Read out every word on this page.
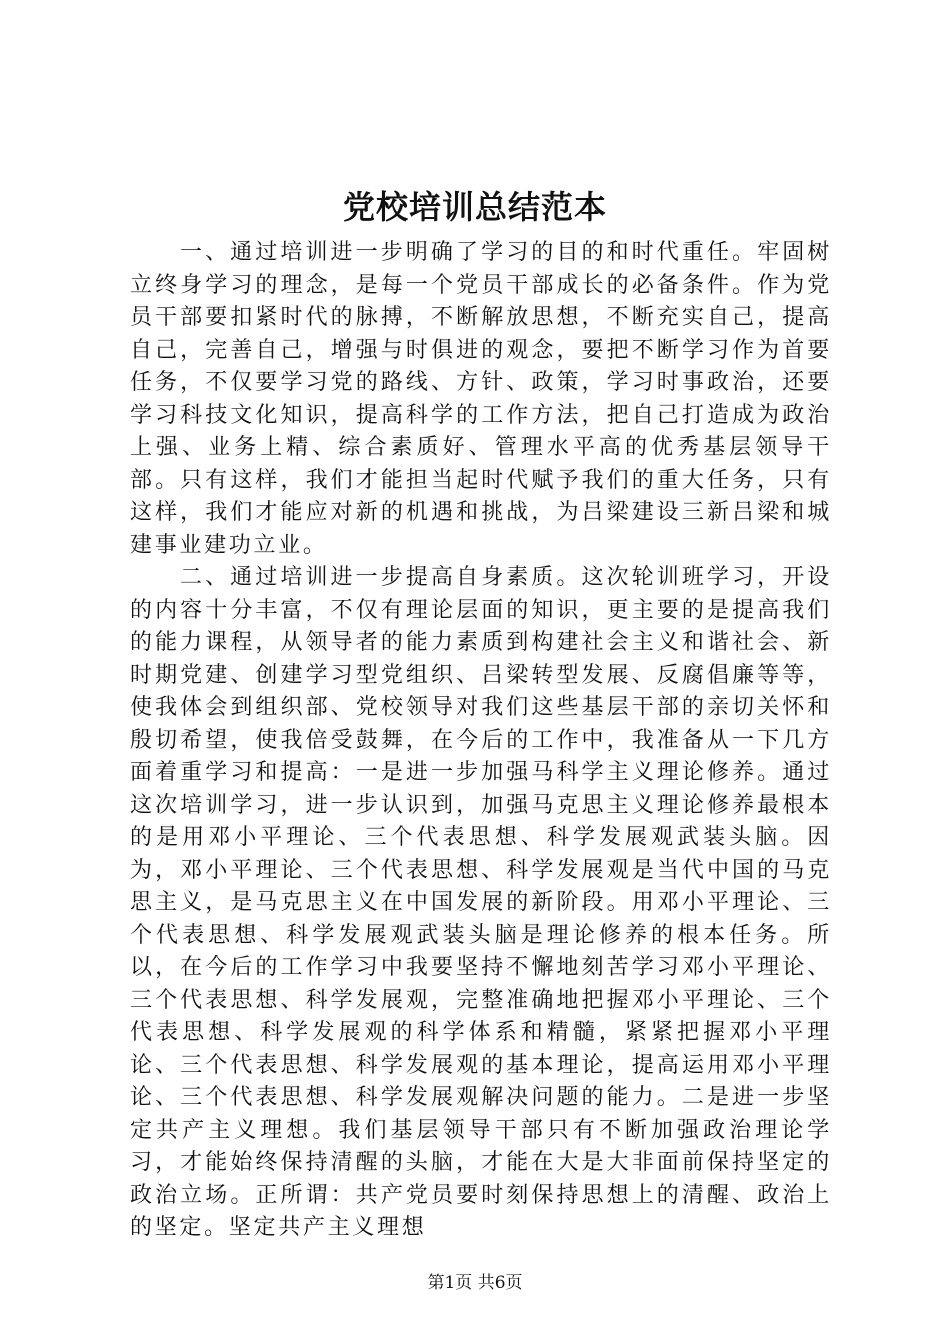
党校培训总结范本

一、通过培训进一步明确了学习的目的和时代重任。牢固树立终身学习的理念，是每一个党员干部成长的必备条件。作为党员干部要扣紧时代的脉搏，不断解放思想，不断充实自己，提高自己，完善自己，增强与时俱进的观念，要把不断学习作为首要任务，不仅要学习党的路线、方针、政策，学习时事政治，还要学习科技文化知识，提高科学的工作方法，把自己打造成为政治上强、业务上精、综合素质好、管理水平高的优秀基层领导干部。只有这样，我们才能担当起时代赋予我们的重大任务，只有这样，我们才能应对新的机遇和挑战，为吕梁建设三新吕梁和城建事业建功立业。

二、通过培训进一步提高自身素质。这次轮训班学习，开设的内容十分丰富，不仅有理论层面的知识，更主要的是提高我们的能力课程，从领导者的能力素质到构建社会主义和谐社会、新时期党建、创建学习型党组织、吕梁转型发展、反腐倡廉等等，使我体会到组织部、党校领导对我们这些基层干部的亲切关怀和殷切希望，使我倍受鼓舞，在今后的工作中，我准备从一下几方面着重学习和提高：一是进一步加强马科学主义理论修养。通过这次培训学习，进一步认识到，加强马克思主义理论修养最根本的是用邓小平理论、三个代表思想、科学发展观武装头脑。因为，邓小平理论、三个代表思想、科学发展观是当代中国的马克思主义，是马克思主义在中国发展的新阶段。用邓小平理论、三个代表思想、科学发展观武装头脑是理论修养的根本任务。所以，在今后的工作学习中我要坚持不懈地刻苦学习邓小平理论、三个代表思想、科学发展观，完整准确地把握邓小平理论、三个代表思想、科学发展观的科学体系和精髓，紧紧把握邓小平理论、三个代表思想、科学发展观的基本理论，提高运用邓小平理论、三个代表思想、科学发展观解决问题的能力。二是进一步坚定共产主义理想。我们基层领导干部只有不断加强政治理论学习，才能始终保持清醒的头脑，才能在大是大非面前保持坚定的政治立场。正所谓：共产党员要时刻保持思想上的清醒、政治上的坚定。坚定共产主义理想

第1页 共6页
